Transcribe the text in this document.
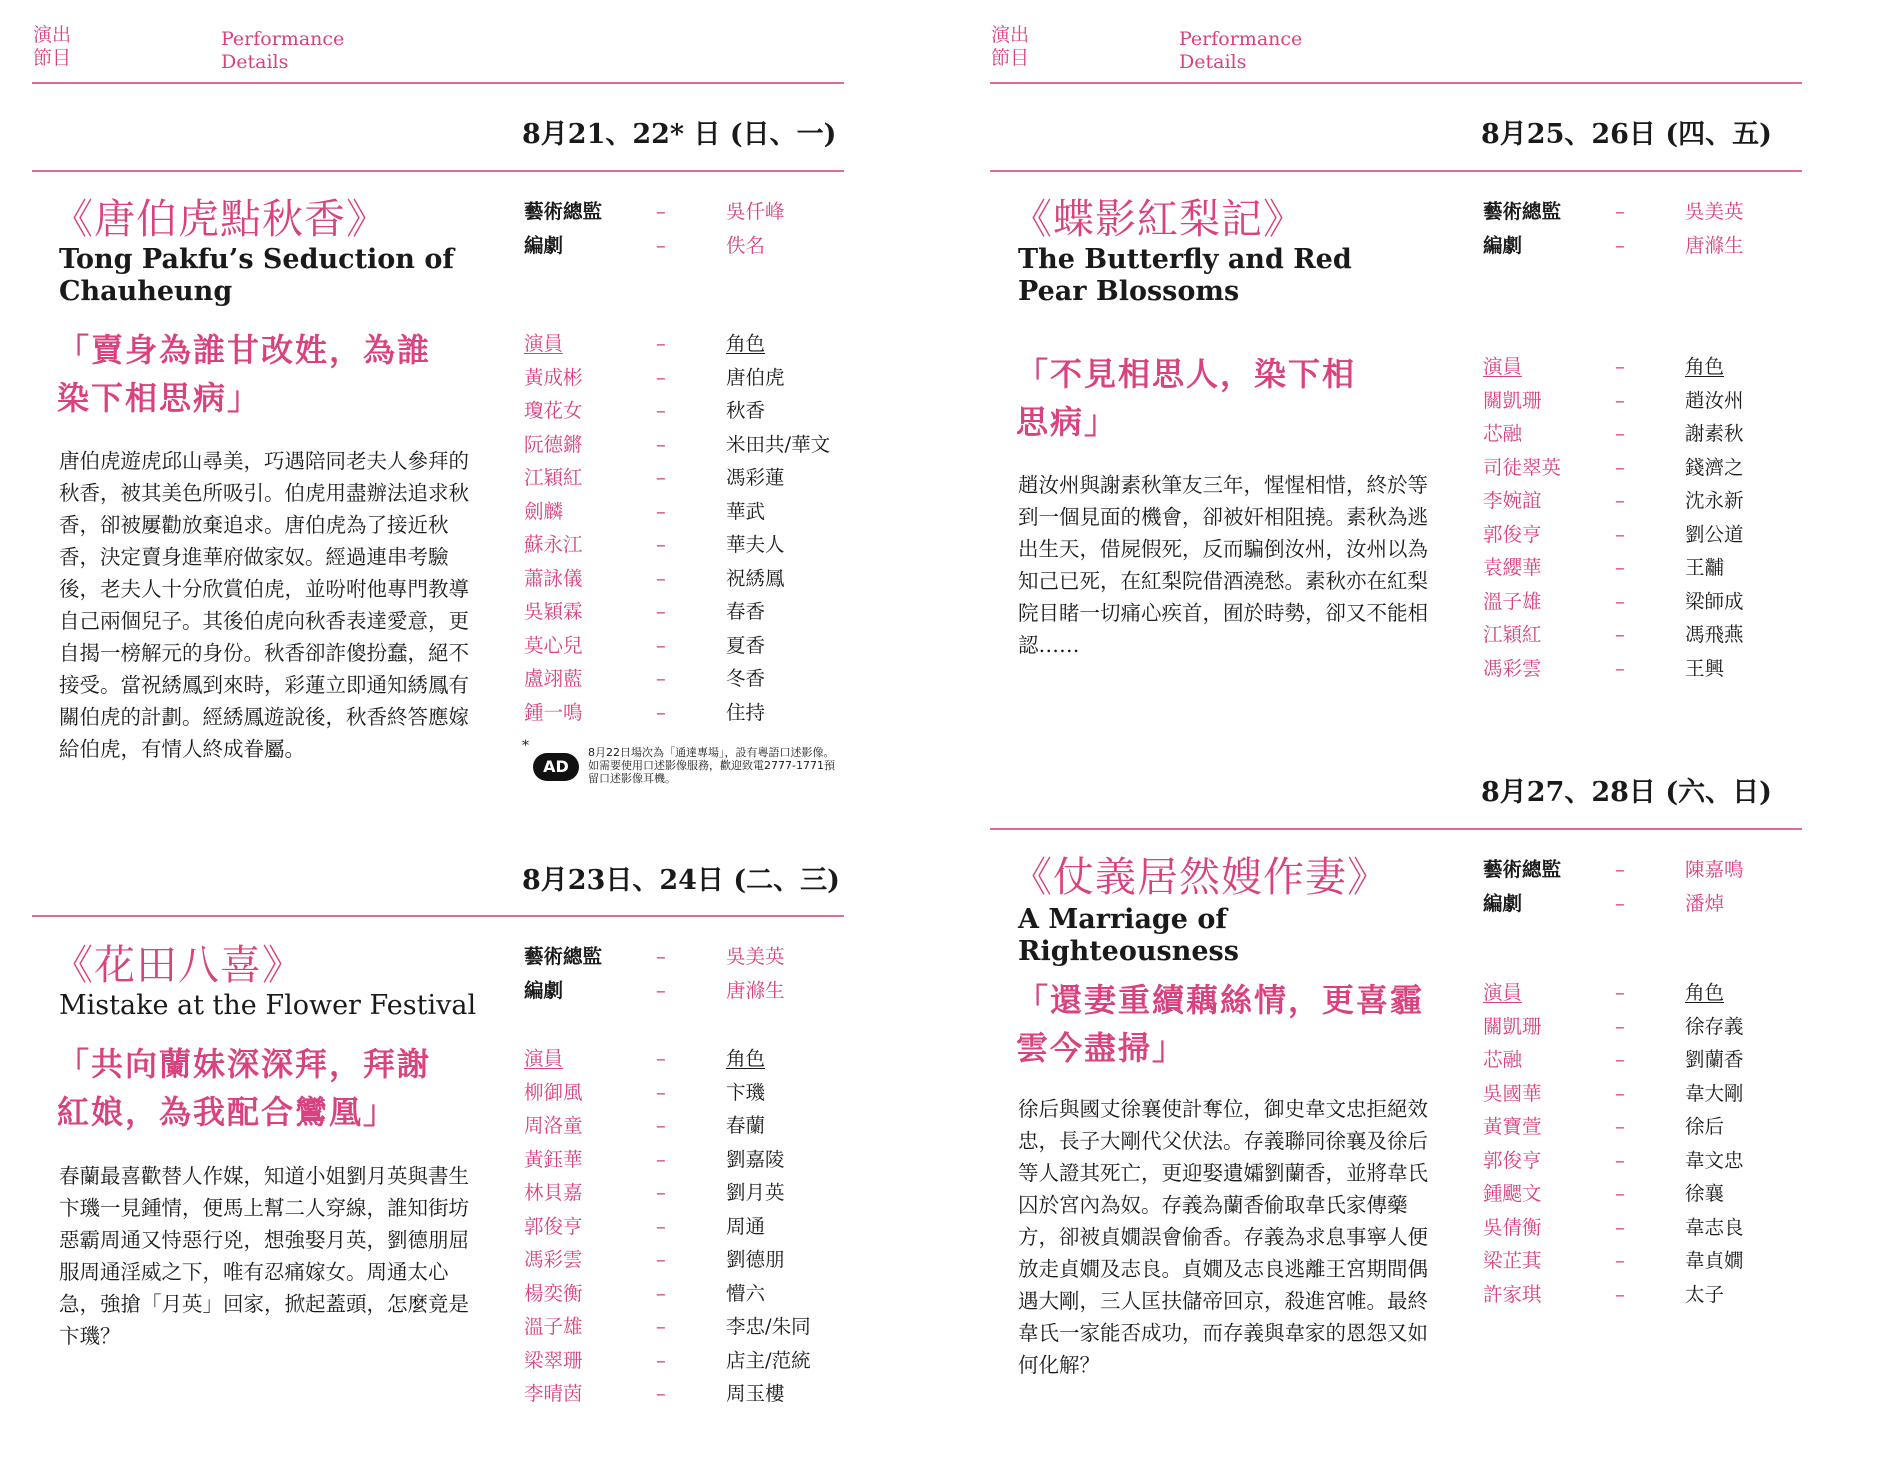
演出
節目
Performance
Details
8月21、22* 日 (日、一)
《唐伯虎點秋香》
Tong Pakfu’s Seduction of Chauheung
「賣身為誰甘改姓，為誰染下相思病」
唐伯虎遊虎邱山尋美，巧遇陪同老夫人參拜的秋香，被其美色所吸引。伯虎用盡辦法追求秋香，卻被屢勸放棄追求。唐伯虎為了接近秋香，決定賣身進華府做家奴。經過連串考驗後，老夫人十分欣賞伯虎，並吩咐他專門教導自己兩個兒子。其後伯虎向秋香表達愛意，更自揭一榜解元的身份。秋香卻詐傻扮蠢，絕不接受。當祝綉鳳到來時，彩蓮立即通知綉鳳有關伯虎的計劃。經綉鳳遊說後，秋香終答應嫁給伯虎，有情人終成眷屬。
藝術總監	–	吳仟峰
編劇	–	佚名
演員	–	角色
黃成彬	–	唐伯虎
瓊花女	–	秋香
阮德鏘	–	米田共/華文
江穎紅	–	馮彩蓮
劍麟	–	華武
蘇永江	–	華夫人
蕭詠儀	–	祝綉鳳
吳穎霖	–	春香
莫心兒	–	夏香
盧翊藍	–	冬香
鍾一鳴	–	住持
*
AD
8月22日場次為「通達專場」，設有粵語口述影像。如需要使用口述影像服務，歡迎致電2777-1771預留口述影像耳機。
8月23日、24日 (二、三)
《花田八喜》
Mistake at the Flower Festival
「共向蘭妹深深拜，拜謝紅娘，為我配合鸞凰」
春蘭最喜歡替人作媒，知道小姐劉月英與書生卞璣一見鍾情，便馬上幫二人穿線，誰知街坊惡霸周通又恃惡行兇，想強娶月英，劉德朋屈服周通淫威之下，唯有忍痛嫁女。周通太心急，強搶「月英」回家，掀起蓋頭，怎麼竟是卞璣？
藝術總監	–	吳美英
編劇	–	唐滌生
演員	–	角色
柳御風	–	卞璣
周洛童	–	春蘭
黃鈺華	–	劉嘉陵
林貝嘉	–	劉月英
郭俊亨	–	周通
馮彩雲	–	劉德朋
楊奕衡	–	懵六
溫子雄	–	李忠/朱同
梁翠珊	–	店主/范統
李晴茵	–	周玉樓
演出
節目
Performance
Details
8月25、26日 (四、五)
《蝶影紅梨記》
The Butterfly and Red Pear Blossoms
「不見相思人，染下相思病」
趙汝州與謝素秋筆友三年，惺惺相惜，終於等到一個見面的機會，卻被奸相阻撓。素秋為逃出生天，借屍假死，反而騙倒汝州，汝州以為知己已死，在紅梨院借酒澆愁。素秋亦在紅梨院目睹一切痛心疾首，囿於時勢，卻又不能相認……
藝術總監	–	吳美英
編劇	–	唐滌生
演員	–	角色
關凱珊	–	趙汝州
芯融	–	謝素秋
司徒翠英	–	錢濟之
李婉誼	–	沈永新
郭俊亨	–	劉公道
袁纓華	–	王黼
溫子雄	–	梁師成
江穎紅	–	馮飛燕
馮彩雲	–	王興
8月27、28日 (六、日)
《仗義居然嫂作妻》
A Marriage of Righteousness
「還妻重續藕絲情，更喜霾雲今盡掃」
徐后與國丈徐襄使計奪位，御史韋文忠拒絕效忠，長子大剛代父伏法。存義聯同徐襄及徐后等人證其死亡，更迎娶遺孀劉蘭香，並將韋氏囚於宮內為奴。存義為蘭香偷取韋氏家傳藥方，卻被貞嫺誤會偷香。存義為求息事寧人便放走貞嫺及志良。貞嫺及志良逃離王宮期間偶遇大剛，三人匡扶儲帝回京，殺進宮帷。最終韋氏一家能否成功，而存義與韋家的恩怨又如何化解？
藝術總監	–	陳嘉鳴
編劇	–	潘焯
演員	–	角色
關凱珊	–	徐存義
芯融	–	劉蘭香
吳國華	–	韋大剛
黃寶萱	–	徐后
郭俊亨	–	韋文忠
鍾颸文	–	徐襄
吳倩衡	–	韋志良
梁芷萁	–	韋貞嫺
許家琪	–	太子
